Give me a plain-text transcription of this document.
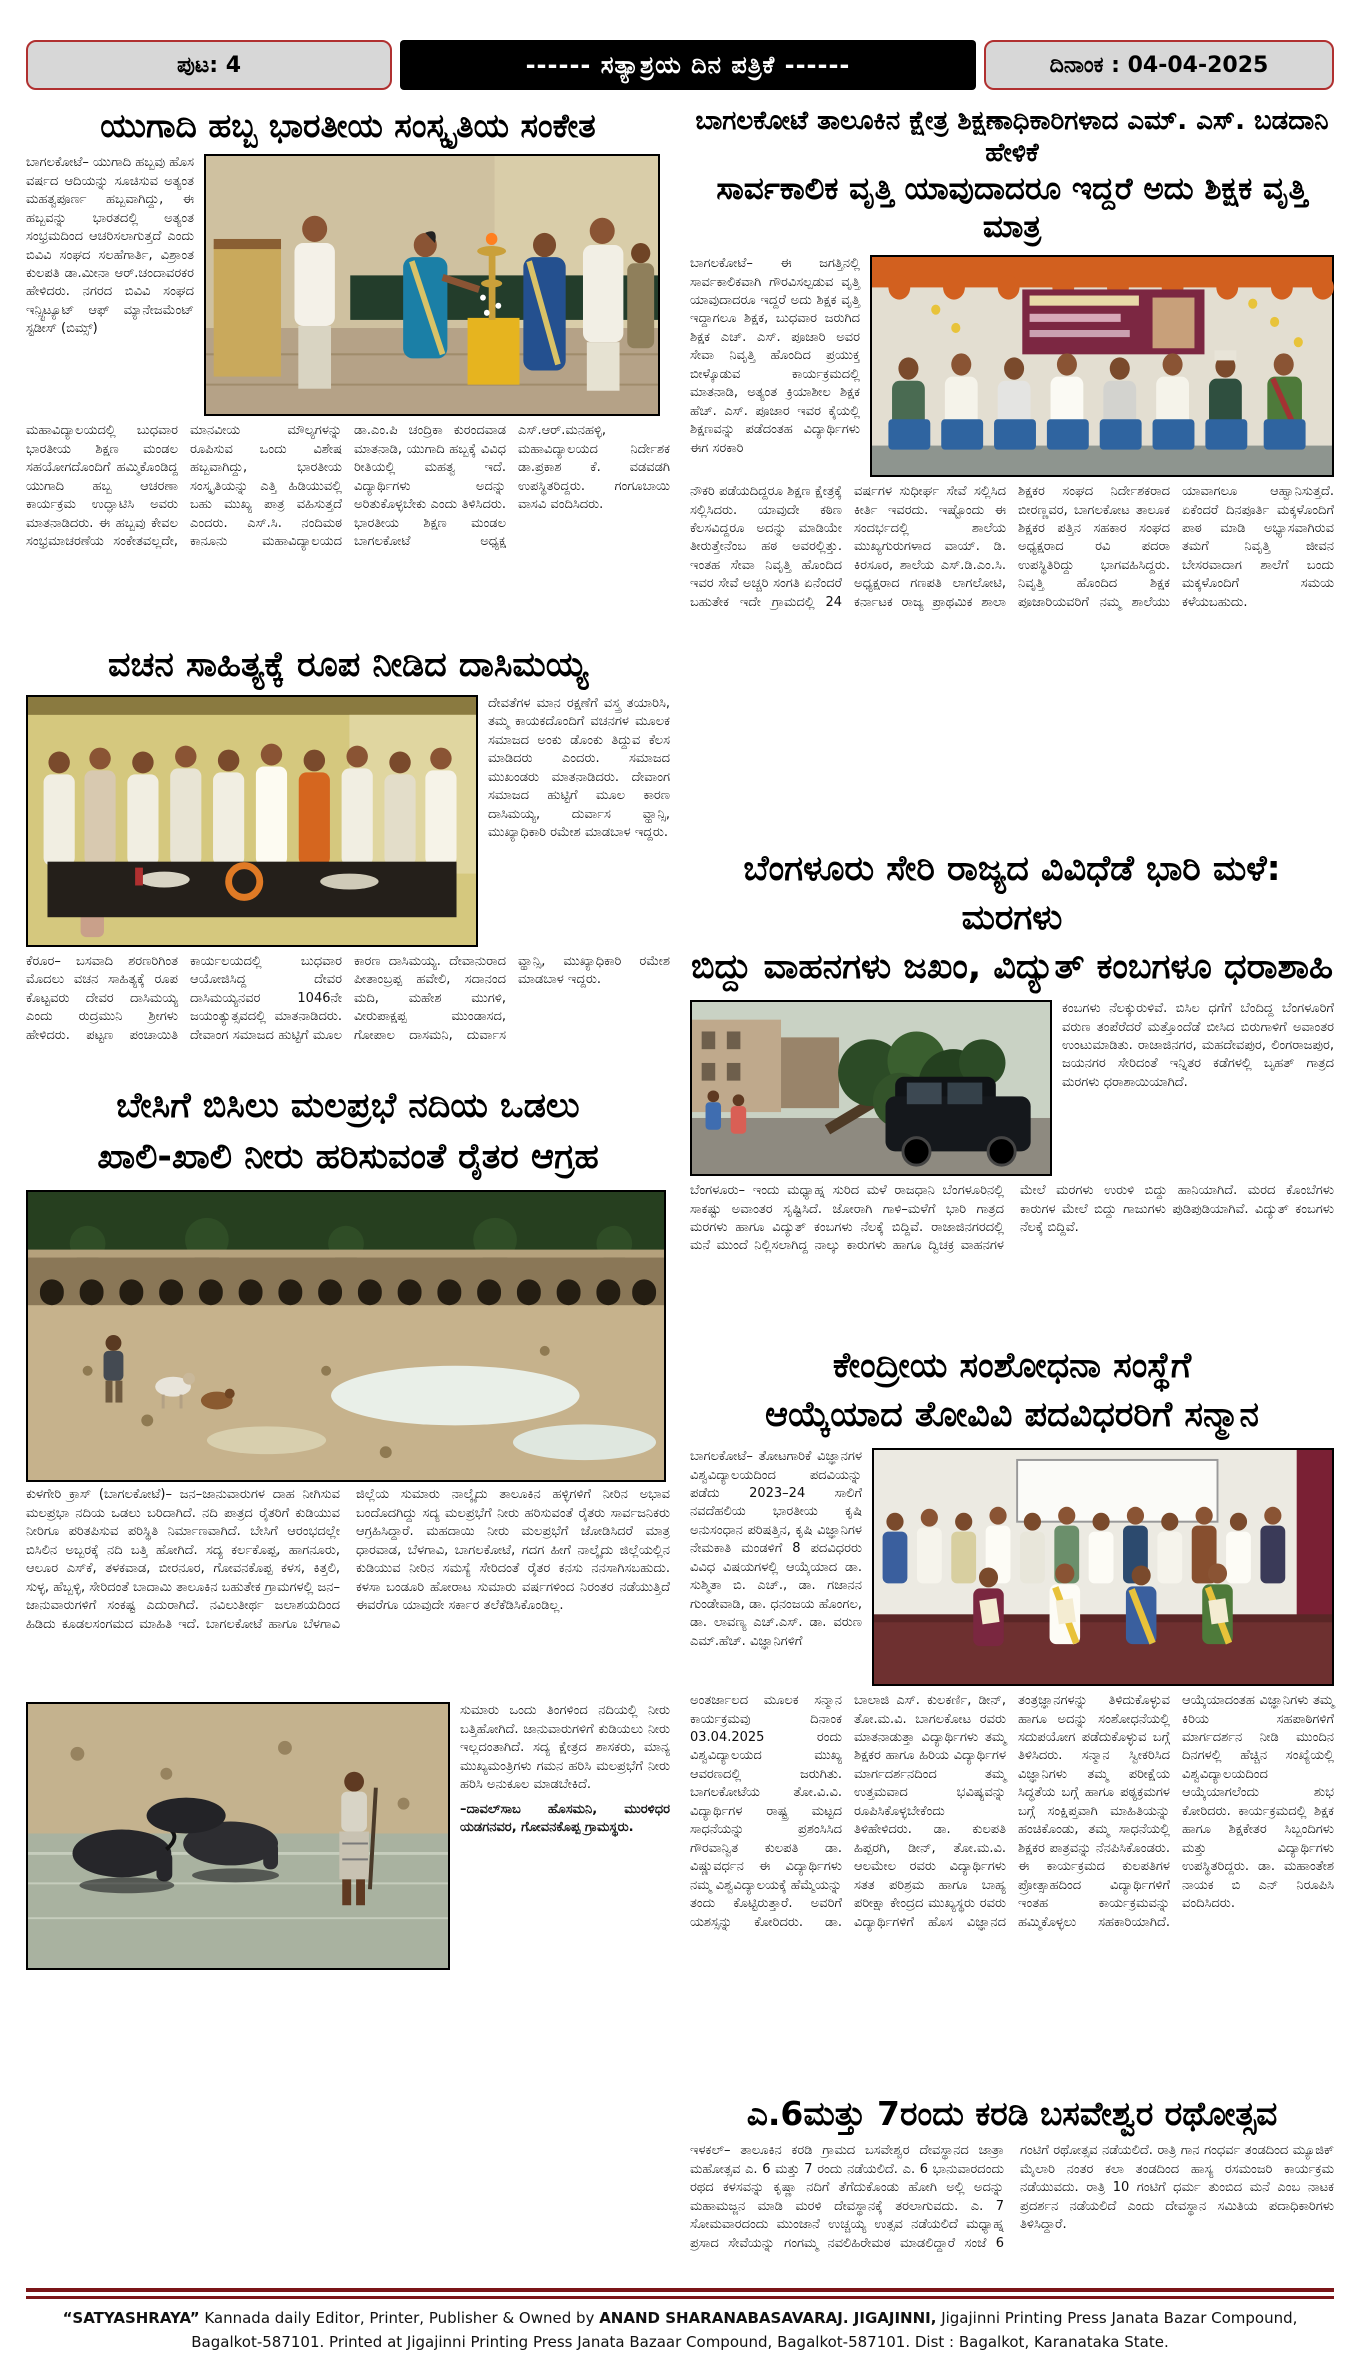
ಪುಟ: 4	------ ಸತ್ಯಾಶ್ರಯ ದಿನ ಪತ್ರಿಕೆ ------	ದಿನಾಂಕ : 04-04-2025
ಯುಗಾದಿ ಹಬ್ಬ ಭಾರತೀಯ ಸಂಸ್ಕೃತಿಯ ಸಂಕೇತ
ಬಾಗಲಕೋಟೆ– ಯುಗಾದಿ ಹಬ್ಬವು ಹೊಸ ವರ್ಷದ ಆದಿಯನ್ನು ಸೂಚಿಸುವ ಅತ್ಯಂತ ಮಹತ್ವಪೂರ್ಣ ಹಬ್ಬವಾಗಿದ್ದು, ಈ ಹಬ್ಬವನ್ನು ಭಾರತದಲ್ಲಿ ಅತ್ಯಂತ ಸಂಭ್ರಮದಿಂದ ಆಚರಿಸಲಾಗುತ್ತದೆ ಎಂದು ಬಿವಿವಿ ಸಂಘದ ಸಲಹೆಗಾರ್ತಿ, ವಿಶ್ರಾಂತ ಕುಲಪತಿ ಡಾ.ಮೀನಾ ಆರ್.ಚಂದಾವರಕರ ಹೇಳಿದರು. ನಗರದ ಬಿವಿವಿ ಸಂಘದ ಇನ್ಸ್ಟಿಟ್ಯೂಟ್ ಆಫ್ ಮ್ಯಾನೇಜಮೆಂಟ್ ಸ್ಟಡೀಸ್ (ಬಿಮ್ಸ್)
ಮಹಾವಿದ್ಯಾಲಯದಲ್ಲಿ ಬುಧವಾರ ಭಾರತೀಯ ಶಿಕ್ಷಣ ಮಂಡಲ ಸಹಯೋಗದೊಂದಿಗೆ ಹಮ್ಮಿಕೊಂಡಿದ್ದ ಯುಗಾದಿ ಹಬ್ಬ ಆಚರಣಾ ಕಾರ್ಯಕ್ರಮ ಉದ್ಘಾಟಿಸಿ ಅವರು ಮಾತನಾಡಿದರು. ಈ ಹಬ್ಬವು ಕೇವಲ ಸಂಭ್ರಮಾಚರಣೆಯ ಸಂಕೇತವಲ್ಲದೇ, ಮಾನವೀಯ ಮೌಲ್ಯಗಳನ್ನು ರೂಪಿಸುವ ಒಂದು ವಿಶೇಷ ಹಬ್ಬವಾಗಿದ್ದು, ಭಾರತೀಯ ಸಂಸ್ಕೃತಿಯನ್ನು ಎತ್ತಿ ಹಿಡಿಯುವಲ್ಲಿ ಬಹು ಮುಖ್ಯ ಪಾತ್ರ ವಹಿಸುತ್ತದೆ ಎಂದರು. ಎಸ್.ಸಿ. ನಂದಿಮಠ ಕಾನೂನು ಮಹಾವಿದ್ಯಾಲಯದ ಡಾ.ಎಂ.ಪಿ ಚಂದ್ರಿಕಾ ಕುರಂದವಾಡ ಮಾತನಾಡಿ, ಯುಗಾದಿ ಹಬ್ಬಕ್ಕೆ ವಿವಿಧ ರೀತಿಯಲ್ಲಿ ಮಹತ್ವ ಇದೆ. ವಿದ್ಯಾರ್ಥಿಗಳು ಅದನ್ನು ಅರಿತುಕೊಳ್ಳಬೇಕು ಎಂದು ತಿಳಿಸಿದರು. ಭಾರತೀಯ ಶಿಕ್ಷಣ ಮಂಡಲ ಬಾಗಲಕೋಟೆ ಅಧ್ಯಕ್ಷ ಎಸ್.ಆರ್.ಮನಹಳ್ಳಿ, ಮಹಾವಿದ್ಯಾಲಯದ ನಿರ್ದೇಶಕ ಡಾ.ಪ್ರಕಾಶ ಕೆ. ವಡವಡಗಿ ಉಪಸ್ಥಿತರಿದ್ದರು. ಗಂಗೂಬಾಯಿ ವಾಸವಿ ವಂದಿಸಿದರು.
ವಚನ ಸಾಹಿತ್ಯಕ್ಕೆ ರೂಪ ನೀಡಿದ ದಾಸಿಮಯ್ಯ
ದೇವತೆಗಳ ಮಾನ ರಕ್ಷಣೆಗೆ ವಸ್ತ್ರ ತಯಾರಿಸಿ, ತಮ್ಮ ಕಾಯಕದೊಂದಿಗೆ ವಚನಗಳ ಮೂಲಕ ಸಮಾಜದ ಅಂಕು ಡೊಂಕು ತಿದ್ದುವ ಕೆಲಸ ಮಾಡಿದರು ಎಂದರು. ಸಮಾಜದ ಮುಖಂಡರು ಮಾತನಾಡಿದರು. ದೇವಾಂಗ ಸಮಾಜದ ಹುಟ್ಟಿಗೆ ಮೂಲ ಕಾರಣ ದಾಸಿಮಯ್ಯ, ದುರ್ವಾಸ ವ್ಹಾನ್ಸಿ, ಮುಖ್ಯಾಧಿಕಾರಿ ರಮೇಶ ಮಾಡಬಾಳ ಇದ್ದರು.
ಕೆರೂರ– ಬಸವಾದಿ ಶರಣರಿಗಿಂತ ಮೊದಲು ವಚನ ಸಾಹಿತ್ಯಕ್ಕೆ ರೂಪ ಕೊಟ್ಟವರು ದೇವರ ದಾಸಿಮಯ್ಯ ಎಂದು ರುದ್ರಮುನಿ ಶ್ರೀಗಳು ಹೇಳಿದರು. ಪಟ್ಟಣ ಪಂಚಾಯಿತಿ ಕಾರ್ಯಲಯದಲ್ಲಿ ಬುಧವಾರ ಆಯೋಜಿಸಿದ್ದ ದೇವರ ದಾಸಿಮಯ್ಯನವರ 1046ನೇ ಜಯಂತ್ಯುತ್ಸವದಲ್ಲಿ ಮಾತನಾಡಿದರು. ದೇವಾಂಗ ಸಮಾಜದ ಹುಟ್ಟಿಗೆ ಮೂಲ ಕಾರಣ ದಾಸಿಮಯ್ಯ. ದೇವಾನುರಾದ ಪೀತಾಂಬ್ರಪ್ಪ ಹವೇಲಿ, ಸದಾನಂದ ಮದಿ, ಮಹೇಶ ಮುಗಳಿ, ವೀರುಪಾಕ್ಷಪ್ಪ ಮುಂಡಾಸದ, ಗೋಪಾಲ ದಾಸಮನಿ, ದುರ್ವಾಸ ವ್ಹಾನ್ಸಿ, ಮುಖ್ಯಾಧಿಕಾರಿ ರಮೇಶ ಮಾಡಬಾಳ ಇದ್ದರು.
ಬೇಸಿಗೆ ಬಿಸಿಲು ಮಲಪ್ರಭೆ ನದಿಯ ಒಡಲು
ಖಾಲಿ-ಖಾಲಿ ನೀರು ಹರಿಸುವಂತೆ ರೈತರ ಆಗ್ರಹ
ಕುಳಗೇರಿ ಕ್ರಾಸ್ (ಬಾಗಲಕೋಟೆ)– ಜನ–ಜಾನುವಾರುಗಳ ದಾಹ ನೀಗಿಸುವ ಮಲಪ್ರಭಾ ನದಿಯ ಒಡಲು ಬರಿದಾಗಿದೆ. ನದಿ ಪಾತ್ರದ ರೈತರಿಗೆ ಕುಡಿಯುವ ನೀರಿಗೂ ಪರಿತಪಿಸುವ ಪರಿಸ್ಥಿತಿ ನಿರ್ಮಾಣವಾಗಿದೆ. ಬೇಸಿಗೆ ಆರಂಭದಲ್ಲೇ ಬಿಸಿಲಿನ ಅಬ್ಬರಕ್ಕೆ ನದಿ ಬತ್ತಿ ಹೋಗಿದೆ. ಸದ್ಯ ಕರ್ಲಕೊಪ್ಪ, ಹಾಗನೂರು, ಆಲೂರ ಎಸ್‌ಕೆ, ತಳಕವಾಡ, ಬೀರನೂರ, ಗೋವನಕೊಪ್ಪ ಕಳಸ, ಕಿತ್ತಲಿ, ಸುಳ್ಳ, ಹೆಬ್ಬಳ್ಳಿ, ಸೇರಿದಂತೆ ಬಾದಾಮಿ ತಾಲೂಕಿನ ಬಹುತೇಕ ಗ್ರಾಮಗಳಲ್ಲಿ ಜನ–ಜಾನುವಾರುಗಳಿಗೆ ಸಂಕಷ್ಟ ಎದುರಾಗಿದೆ. ನವಿಲುತೀರ್ಥ ಜಲಾಶಯದಿಂದ ಹಿಡಿದು ಕೂಡಲಸಂಗಮದ ಮಾಹಿತಿ ಇದೆ. ಬಾಗಲಕೋಟೆ ಹಾಗೂ ಬೆಳಗಾವಿ ಜಿಲ್ಲೆಯ ಸುಮಾರು ನಾಲ್ಕೈದು ತಾಲೂಕಿನ ಹಳ್ಳಿಗಳಿಗೆ ನೀರಿನ ಅಭಾವ ಬಂದೊದಗಿದ್ದು ಸದ್ಯ ಮಲಪ್ರಭೆಗೆ ನೀರು ಹರಿಸುವಂತೆ ರೈತರು ಸಾರ್ವಜನಿಕರು ಆಗ್ರಹಿಸಿದ್ದಾರೆ. ಮಹದಾಯಿ ನೀರು ಮಲಪ್ರಭೆಗೆ ಜೋಡಿಸಿದರೆ ಮಾತ್ರ ಧಾರವಾಡ, ಬೆಳಗಾವಿ, ಬಾಗಲಕೋಟೆ, ಗದಗ ಹೀಗೆ ನಾಲ್ಕೈದು ಜಿಲ್ಲೆಯಲ್ಲಿನ ಕುಡಿಯುವ ನೀರಿನ ಸಮಸ್ಯೆ ಸೇರಿದಂತೆ ರೈತರ ಕನಸು ನನಸಾಗಿಸಬಹುದು. ಕಳಸಾ ಬಂಡೂರಿ ಹೋರಾಟ ಸುಮಾರು ವರ್ಷಗಳಿಂದ ನಿರಂತರ ನಡೆಯುತ್ತಿದೆ ಈವರೆಗೂ ಯಾವುದೇ ಸರ್ಕಾರ ತಲೆಕೆಡಿಸಿಕೊಂಡಿಲ್ಲ.
ಸುಮಾರು ಒಂದು ತಿಂಗಳಿಂದ ನದಿಯಲ್ಲಿ ನೀರು ಬತ್ತಿಹೋಗಿದೆ. ಜಾನುವಾರುಗಳಿಗೆ ಕುಡಿಯಲು ನೀರು ಇಲ್ಲದಂತಾಗಿದೆ. ಸದ್ಯ ಕ್ಷೇತ್ರದ ಶಾಸಕರು, ಮಾನ್ಯ ಮುಖ್ಯಮಂತ್ರಿಗಳು ಗಮನ ಹರಿಸಿ ಮಲಪ್ರಭೆಗೆ ನೀರು ಹರಿಸಿ ಅನುಕೂಲ ಮಾಡಬೇಕಿದೆ.
–ದಾವಲ್‌ಸಾಬ ಹೊಸಮನಿ, ಮುರಳಿಧರ ಯಡಗನವರ, ಗೋವನಕೊಪ್ಪ ಗ್ರಾಮಸ್ಥರು.
ಬಾಗಲಕೋಟೆ ತಾಲೂಕಿನ ಕ್ಷೇತ್ರ ಶಿಕ್ಷಣಾಧಿಕಾರಿಗಳಾದ ಎಮ್. ಎಸ್. ಬಡದಾನಿ ಹೇಳಿಕೆ
ಸಾರ್ವಕಾಲಿಕ ವೃತ್ತಿ ಯಾವುದಾದರೂ ಇದ್ದರೆ ಅದು ಶಿಕ್ಷಕ ವೃತ್ತಿ ಮಾತ್ರ
ಬಾಗಲಕೋಟೆ– ಈ ಜಗತ್ತಿನಲ್ಲಿ ಸಾರ್ವಕಾಲಿಕವಾಗಿ ಗೌರವಿಸಲ್ಪಡುವ ವೃತ್ತಿ ಯಾವುದಾದರೂ ಇದ್ದರೆ ಅದು ಶಿಕ್ಷಕ ವೃತ್ತಿ ಇದ್ದಾಗಲೂ ಶಿಕ್ಷಕ, ಬುಧವಾರ ಜರುಗಿದ ಶಿಕ್ಷಕ ಎಚ್. ಎಸ್. ಪೂಜಾರಿ ಅವರ ಸೇವಾ ನಿವೃತ್ತಿ ಹೊಂದಿದ ಪ್ರಯುಕ್ತ ಬೀಳ್ಕೊಡುವ ಕಾರ್ಯಕ್ರಮದಲ್ಲಿ ಮಾತನಾಡಿ, ಅತ್ಯಂತ ಕ್ರಿಯಾಶೀಲ ಶಿಕ್ಷಕ ಹೆಚ್. ಎಸ್. ಪೂಜಾರ ಇವರ ಕೈಯಲ್ಲಿ ಶಿಕ್ಷಣವನ್ನು ಪಡೆದಂತಹ ವಿದ್ಯಾರ್ಥಿಗಳು ಈಗ ಸರಕಾರಿ
ನೌಕರಿ ಪಡೆಯದಿದ್ದರೂ ಶಿಕ್ಷಣ ಕ್ಷೇತ್ರಕ್ಕೆ ಸಲ್ಲಿಸಿದರು. ಯಾವುದೇ ಕಠಿಣ ಕೆಲಸವಿದ್ದರೂ ಅದನ್ನು ಮಾಡಿಯೇ ತೀರುತ್ತೇನೆಂಬ ಹಠ ಅವರಲ್ಲಿತ್ತು. ಇಂತಹ ಸೇವಾ ನಿವೃತ್ತಿ ಹೊಂದಿದ ಇವರ ಸೇವೆ ಅಚ್ಚರಿ ಸಂಗತಿ ಏನೆಂದರೆ ಬಹುತೇಕ ಇದೇ ಗ್ರಾಮದಲ್ಲಿ 24 ವರ್ಷಗಳ ಸುಧೀರ್ಘ ಸೇವೆ ಸಲ್ಲಿಸಿದ ಕೀರ್ತಿ ಇವರದು. ಇಷ್ಟೊಂದು ಈ ಸಂದರ್ಭದಲ್ಲಿ ಶಾಲೆಯ ಮುಖ್ಯಗುರುಗಳಾದ ವಾಯ್. ಡಿ. ಕಿರಸೂರ, ಶಾಲೆಯ ಎಸ್.ಡಿ.ಎಂ.ಸಿ. ಅಧ್ಯಕ್ಷರಾದ ಗಣಪತಿ ಲಾಗಲೋಟಿ, ಕರ್ನಾಟಕ ರಾಜ್ಯ ಪ್ರಾಥಮಿಕ ಶಾಲಾ ಶಿಕ್ಷಕರ ಸಂಘದ ನಿರ್ದೇಶಕರಾದ ಬೀರಣ್ಣವರ, ಬಾಗಲಕೋಟ ತಾಲೂಕ ಶಿಕ್ಷಕರ ಪತ್ತಿನ ಸಹಕಾರ ಸಂಘದ ಅಧ್ಯಕ್ಷರಾದ ರವಿ ಪದರಾ ಉಪಸ್ಥಿತಿರಿದ್ದು ಭಾಗವಹಿಸಿದ್ದರು. ನಿವೃತ್ತಿ ಹೊಂದಿದ ಶಿಕ್ಷಕ ಪೂಜಾರಿಯವರಿಗೆ ನಮ್ಮ ಶಾಲೆಯು ಯಾವಾಗಲೂ ಆಹ್ವಾನಿಸುತ್ತದೆ. ಏಕೆಂದರೆ ದಿನಪೂರ್ತಿ ಮಕ್ಕಳೊಂದಿಗೆ ಪಾಠ ಮಾಡಿ ಅಭ್ಯಾಸವಾಗಿರುವ ತಮಗೆ ನಿವೃತ್ತಿ ಜೀವನ ಬೇಸರವಾದಾಗ ಶಾಲೆಗೆ ಬಂದು ಮಕ್ಕಳೊಂದಿಗೆ ಸಮಯ ಕಳೆಯಬಹುದು.
ಬೆಂಗಳೂರು ಸೇರಿ ರಾಜ್ಯದ ವಿವಿಧೆಡೆ ಭಾರಿ ಮಳೆ: ಮರಗಳು
ಬಿದ್ದು ವಾಹನಗಳು ಜಖಂ, ವಿದ್ಯುತ್ ಕಂಬಗಳೂ ಧರಾಶಾಹಿ
ಕಂಬಗಳು ನೆಲಕ್ಕುರುಳಿವೆ. ಬಿಸಿಲ ಧಗೆಗೆ ಬೆಂದಿದ್ದ ಬೆಂಗಳೂರಿಗೆ ವರುಣ ತಂಪೆರೆದರೆ ಮತ್ತೊಂದೆಡೆ ಬೀಸಿದ ಬಿರುಗಾಳಿಗೆ ಅವಾಂತರ ಉಂಟುಮಾಡಿತು. ರಾಜಾಜಿನಗರ, ಮಹದೇವಪುರ, ಲಿಂಗರಾಜಪುರ, ಜಯನಗರ ಸೇರಿದಂತೆ ಇನ್ನಿತರ ಕಡೆಗಳಲ್ಲಿ ಬೃಹತ್ ಗಾತ್ರದ ಮರಗಳು ಧರಾಶಾಯಿಯಾಗಿದೆ.
ಬೆಂಗಳೂರು– ಇಂದು ಮಧ್ಯಾಹ್ನ ಸುರಿದ ಮಳೆ ರಾಜಧಾನಿ ಬೆಂಗಳೂರಿನಲ್ಲಿ ಸಾಕಷ್ಟು ಅವಾಂತರ ಸೃಷ್ಟಿಸಿದೆ. ಜೋರಾಗಿ ಗಾಳಿ–ಮಳೆಗೆ ಭಾರಿ ಗಾತ್ರದ ಮರಗಳು ಹಾಗೂ ವಿದ್ಯುತ್ ಕಂಬಗಳು ನೆಲಕ್ಕೆ ಬಿದ್ದಿವೆ. ರಾಜಾಜಿನಗರದಲ್ಲಿ ಮನೆ ಮುಂದೆ ನಿಲ್ಲಿಸಲಾಗಿದ್ದ ನಾಲ್ಕು ಕಾರುಗಳು ಹಾಗೂ ದ್ವಿಚಕ್ರ ವಾಹನಗಳ ಮೇಲೆ ಮರಗಳು ಉರುಳಿ ಬಿದ್ದು ಹಾನಿಯಾಗಿದೆ. ಮರದ ಕೊಂಬೆಗಳು ಕಾರುಗಳ ಮೇಲೆ ಬಿದ್ದು ಗಾಜುಗಳು ಪುಡಿಪುಡಿಯಾಗಿವೆ. ವಿದ್ಯುತ್ ಕಂಬಗಳು ನೆಲಕ್ಕೆ ಬಿದ್ದಿವೆ.
ಕೇಂದ್ರೀಯ ಸಂಶೋಧನಾ ಸಂಸ್ಥೆಗೆ
ಆಯ್ಕೆಯಾದ ತೋವಿವಿ ಪದವಿಧರರಿಗೆ ಸನ್ಮಾನ
ಬಾಗಲಕೋಟೆ– ತೋಟಗಾರಿಕೆ ವಿಜ್ಞಾನಗಳ ವಿಶ್ವವಿದ್ಯಾಲಯದಿಂದ ಪದವಿಯನ್ನು ಪಡೆದು 2023–24 ಸಾಲಿಗೆ ನವದೆಹಲಿಯ ಭಾರತೀಯ ಕೃಷಿ ಅನುಸಂಧಾನ ಪರಿಷತ್ತಿನ, ಕೃಷಿ ವಿಜ್ಞಾನಿಗಳ ನೇಮಕಾತಿ ಮಂಡಳಿಗೆ 8 ಪದವಿಧರರು ವಿವಿಧ ವಿಷಯಗಳಲ್ಲಿ ಆಯ್ಕೆಯಾದ ಡಾ. ಸುಶ್ಮಿತಾ ಬಿ. ಎಚ್., ಡಾ. ಗಜಾನನ ಗುಂಡೇವಾಡಿ, ಡಾ. ಧನಂಜಯ ಹೊಂಗಲ, ಡಾ. ಲಾವಣ್ಯ ಎಚ್.ಎಸ್. ಡಾ. ವರುಣ ಎಮ್.ಹೆಚ್. ವಿಜ್ಞಾನಿಗಳಿಗೆ
ಅಂತರ್ಜಾಲದ ಮೂಲಕ ಸನ್ಮಾನ ಕಾರ್ಯಕ್ರಮವು ದಿನಾಂಕ 03.04.2025 ರಂದು ವಿಶ್ವವಿದ್ಯಾಲಯದ ಮುಖ್ಯ ಆವರಣದಲ್ಲಿ ಜರುಗಿತು. ಬಾಗಲಕೋಟೆಯ ತೋ.ವಿ.ವಿ. ವಿದ್ಯಾರ್ಥಿಗಳ ರಾಷ್ಟ್ರ ಮಟ್ಟದ ಸಾಧನೆಯನ್ನು ಪ್ರಶಂಸಿಸಿದ ಗೌರವಾನ್ವಿತ ಕುಲಪತಿ ಡಾ. ವಿಷ್ಣುವರ್ಧನ ಈ ವಿದ್ಯಾರ್ಥಿಗಳು ನಮ್ಮ ವಿಶ್ವವಿದ್ಯಾಲಯಕ್ಕೆ ಹೆಮ್ಮೆಯನ್ನು ತಂದು ಕೊಟ್ಟಿರುತ್ತಾರೆ. ಅವರಿಗೆ ಯಶಸ್ಸನ್ನು ಕೋರಿದರು. ಡಾ. ಬಾಲಾಜಿ ಎಸ್. ಕುಲಕರ್ಣಿ, ಡೀನ್, ತೋ.ಮ.ವಿ. ಬಾಗಲಕೋಟ ರವರು ಮಾತನಾಡುತ್ತಾ ವಿದ್ಯಾರ್ಥಿಗಳು ತಮ್ಮ ಶಿಕ್ಷಕರ ಹಾಗೂ ಹಿರಿಯ ವಿದ್ಯಾರ್ಥಿಗಳ ಮಾರ್ಗದರ್ಶನದಿಂದ ತಮ್ಮ ಉತ್ತಮವಾದ ಭವಿಷ್ಯವನ್ನು ರೂಪಿಸಿಕೊಳ್ಳಬೇಕೆಂದು ತಿಳಿಹೇಳಿದರು. ಡಾ. ಕುಲಪತಿ ಹಿಪ್ಪರಗಿ, ಡೀನ್, ತೋ.ಮ.ವಿ. ಆಲಮೇಲ ರವರು ವಿದ್ಯಾರ್ಥಿಗಳು ಸತತ ಪರಿಶ್ರಮ ಹಾಗೂ ಬಾಹ್ಯ ಪರೀಕ್ಷಾ ಕೇಂದ್ರದ ಮುಖ್ಯಸ್ಥರು ರವರು ವಿದ್ಯಾರ್ಥಿಗಳಿಗೆ ಹೊಸ ವಿಜ್ಞಾನದ ತಂತ್ರಜ್ಞಾನಗಳನ್ನು ತಿಳಿದುಕೊಳ್ಳುವ ಹಾಗೂ ಅದನ್ನು ಸಂಶೋಧನೆಯಲ್ಲಿ ಸದುಪಯೋಗ ಪಡೆದುಕೊಳ್ಳುವ ಬಗ್ಗೆ ತಿಳಿಸಿದರು. ಸನ್ಮಾನ ಸ್ವೀಕರಿಸಿದ ವಿಜ್ಞಾನಿಗಳು ತಮ್ಮ ಪರೀಕ್ಷೆಯ ಸಿದ್ಧತೆಯ ಬಗ್ಗೆ ಹಾಗೂ ಪಠ್ಯಕ್ರಮಗಳ ಬಗ್ಗೆ ಸಂಕ್ಷಿಪ್ತವಾಗಿ ಮಾಹಿತಿಯನ್ನು ಹಂಚಿಕೊಂಡು, ತಮ್ಮ ಸಾಧನೆಯಲ್ಲಿ ಶಿಕ್ಷಕರ ಪಾತ್ರವನ್ನು ನೆನಪಿಸಿಕೊಂಡರು. ಈ ಕಾರ್ಯಕ್ರಮದ ಕುಲಪತಿಗಳ ಪ್ರೋತ್ಸಾಹದಿಂದ ವಿದ್ಯಾರ್ಥಿಗಳಿಗೆ ಇಂತಹ ಕಾರ್ಯಕ್ರಮವನ್ನು ಹಮ್ಮಿಕೊಳ್ಳಲು ಸಹಕಾರಿಯಾಗಿದೆ. ಆಯ್ಕೆಯಾದಂತಹ ವಿಜ್ಞಾನಿಗಳು ತಮ್ಮ ಕಿರಿಯ ಸಹಪಾಠಿಗಳಿಗೆ ಮಾರ್ಗದರ್ಶನ ನೀಡಿ ಮುಂದಿನ ದಿನಗಳಲ್ಲಿ ಹೆಚ್ಚಿನ ಸಂಖ್ಯೆಯಲ್ಲಿ ವಿಶ್ವವಿದ್ಯಾಲಯದಿಂದ ಆಯ್ಕೆಯಾಗಲೆಂದು ಶುಭ ಕೋರಿದರು. ಕಾರ್ಯಕ್ರಮದಲ್ಲಿ ಶಿಕ್ಷಕ ಹಾಗೂ ಶಿಕ್ಷಕೇತರ ಸಿಬ್ಬಂದಿಗಳು ಮತ್ತು ವಿದ್ಯಾರ್ಥಿಗಳು ಉಪಸ್ಥಿತರಿದ್ದರು. ಡಾ. ಮಹಾಂತೇಶ ನಾಯಕ ಬಿ ಎನ್ ನಿರೂಪಿಸಿ ವಂದಿಸಿದರು.
ಎ.6ಮತ್ತು 7ರಂದು ಕರಡಿ ಬಸವೇಶ್ವರ ರಥೋತ್ಸವ
ಇಳಕಲ್– ತಾಲೂಕಿನ ಕರಡಿ ಗ್ರಾಮದ ಬಸವೇಶ್ವರ ದೇವಸ್ಥಾನದ ಜಾತ್ರಾ ಮಹೋತ್ಸವ ಎ. 6 ಮತ್ತು 7 ರಂದು ನಡೆಯಲಿದೆ. ಎ. 6 ಭಾನುವಾರದಂದು ರಥದ ಕಳಸವನ್ನು ಕೃಷ್ಣಾ ನದಿಗೆ ತೆಗೆದುಕೊಂಡು ಹೋಗಿ ಅಲ್ಲಿ ಅದನ್ನು ಮಹಾಮಜ್ಜನ ಮಾಡಿ ಮರಳಿ ದೇವಸ್ಥಾನಕ್ಕೆ ತರಲಾಗುವದು. ಎ. 7 ಸೋಮವಾರದಂದು ಮುಂಜಾನೆ ಉಚ್ಚಯ್ಯ ಉತ್ಸವ ನಡೆಯಲಿದೆ ಮಧ್ಯಾಹ್ನ ಪ್ರಸಾದ ಸೇವೆಯನ್ನು ಗಂಗಮ್ಮ ನವಲಿಹಿರೇಮಠ ಮಾಡಲಿದ್ದಾರೆ ಸಂಜೆ 6 ಗಂಟಿಗೆ ರಥೋತ್ಸವ ನಡೆಯಲಿದೆ. ರಾತ್ರಿ ಗಾನ ಗಂಧರ್ವ ತಂಡದಿಂದ ಮ್ಯೂಜಿಕ್ ಮೈಲಾರಿ ನಂತರ ಕಲಾ ತಂಡದಿಂದ ಹಾಸ್ಯ ರಸಮಂಜರಿ ಕಾರ್ಯಕ್ರಮ ನಡೆಯುವದು. ರಾತ್ರಿ 10 ಗಂಟಿಗೆ ಧರ್ಮ ತುಂಬಿದ ಮನೆ ಎಂಬ ನಾಟಕ ಪ್ರದರ್ಶನ ನಡೆಯಲಿದೆ ಎಂದು ದೇವಸ್ಥಾನ ಸಮಿತಿಯ ಪದಾಧಿಕಾರಿಗಳು ತಿಳಿಸಿದ್ದಾರೆ.
“SATYASHRAYA” Kannada daily Editor, Printer, Publisher & Owned by ANAND SHARANABASAVARAJ. JIGAJINNI, Jigajinni Printing Press Janata Bazar Compound,
Bagalkot-587101. Printed at Jigajinni Printing Press Janata Bazaar Compound, Bagalkot-587101. Dist : Bagalkot, Karanataka State.
